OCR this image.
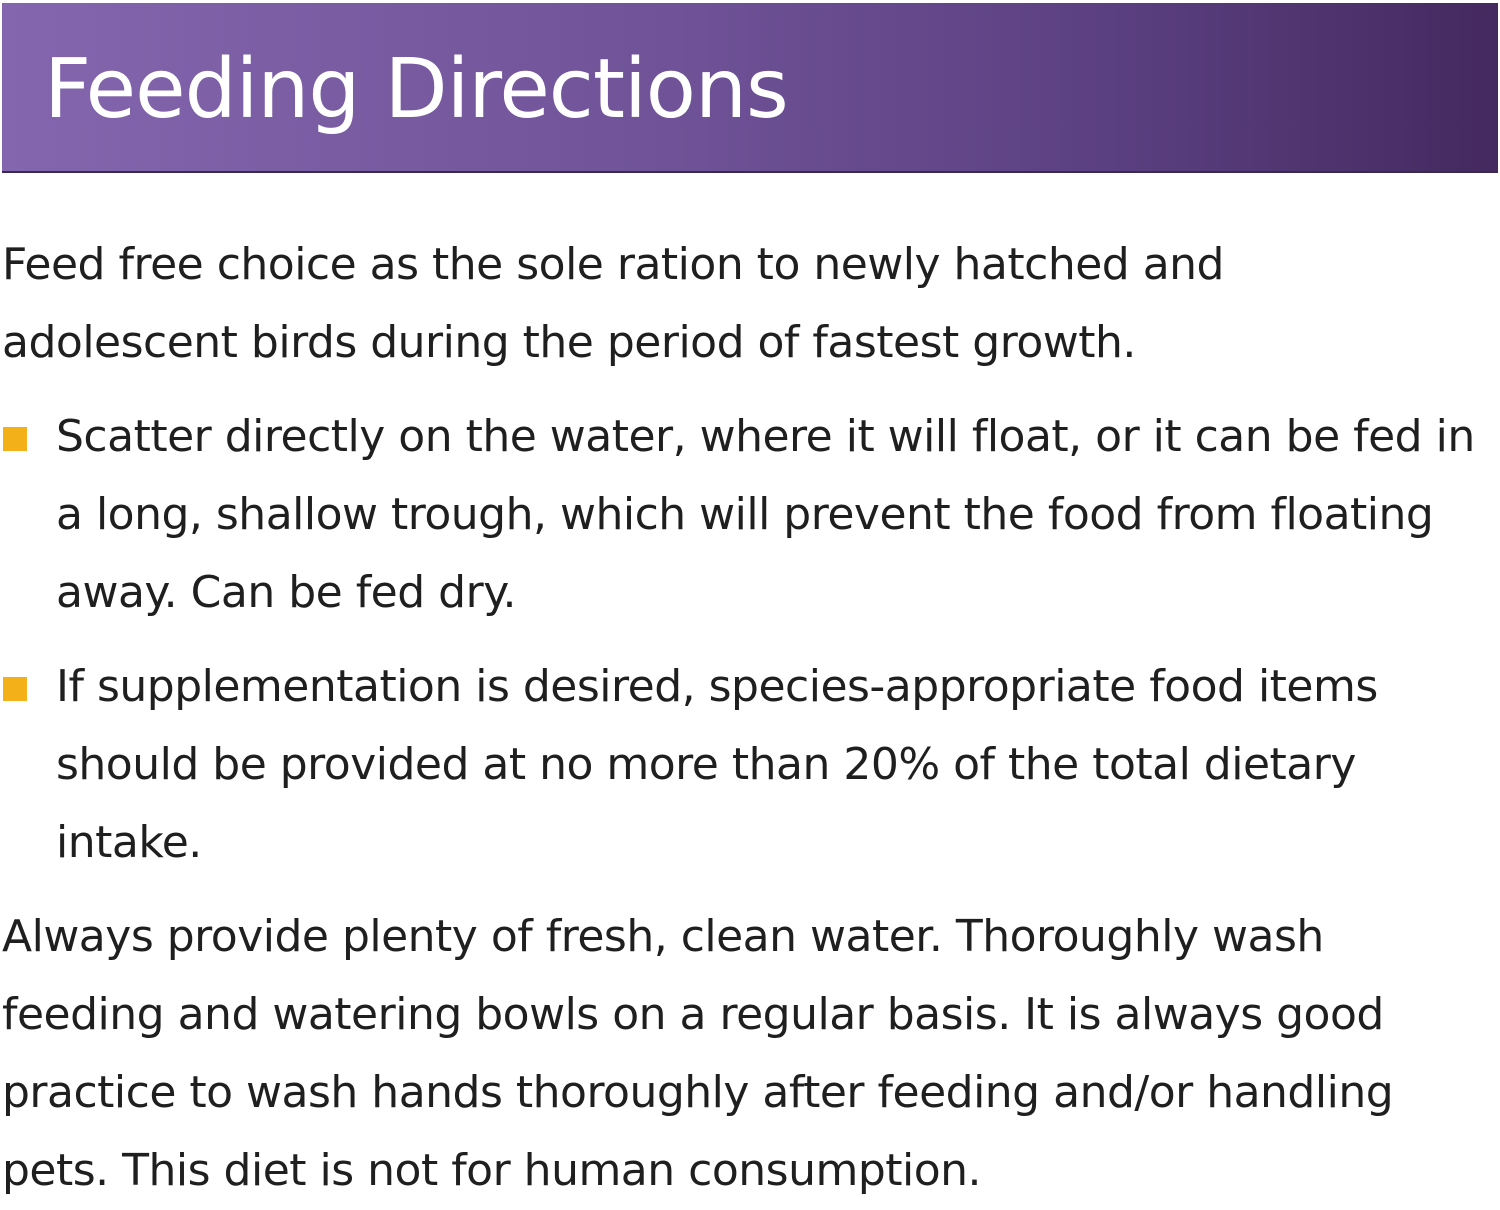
Feeding Directions

Feed free choice as the sole ration to newly hatched and adolescent birds during the period of fastest growth.

Scatter directly on the water, where it will float, or it can be fed in a long, shallow trough, which will prevent the food from floating away. Can be fed dry.
If supplementation is desired, species-appropriate food items should be provided at no more than 20% of the total dietary intake.

Always provide plenty of fresh, clean water. Thoroughly wash feeding and watering bowls on a regular basis. It is always good practice to wash hands thoroughly after feeding and/or handling pets. This diet is not for human consumption.
